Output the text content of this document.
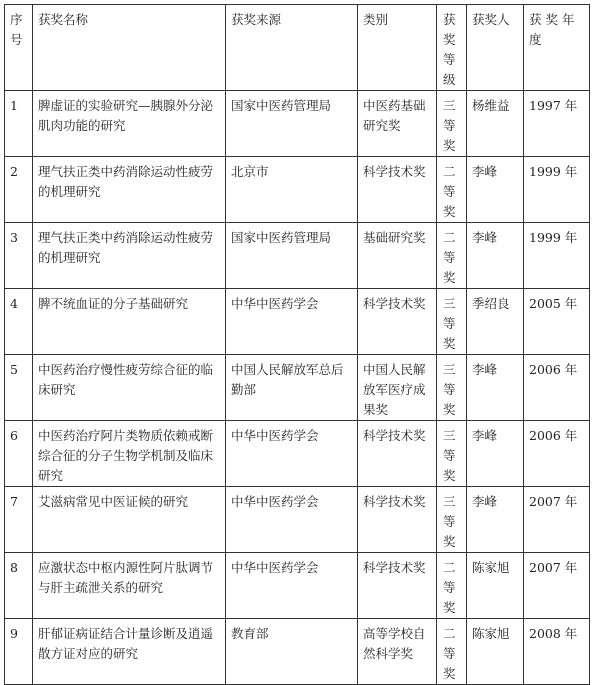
序号	获奖名称	获奖来源	类别	获奖等级	获奖人	获 奖 年度
1	脾虚证的实验研究—胰腺外分泌肌肉功能的研究	国家中医药管理局	中医药基础研究奖	三等奖	杨维益	1997 年
2	理气扶正类中药消除运动性疲劳的机理研究	北京市	科学技术奖	二等奖	李峰	1999 年
3	理气扶正类中药消除运动性疲劳的机理研究	国家中医药管理局	基础研究奖	二等奖	李峰	1999 年
4	脾不统血证的分子基础研究	中华中医药学会	科学技术奖	三等奖	季绍良	2005 年
5	中医药治疗慢性疲劳综合征的临床研究	中国人民解放军总后勤部	中国人民解放军医疗成果奖	三等奖	李峰	2006 年
6	中医药治疗阿片类物质依赖戒断综合征的分子生物学机制及临床研究	中华中医药学会	科学技术奖	三等奖	李峰	2006 年
7	艾滋病常见中医证候的研究	中华中医药学会	科学技术奖	三等奖	李峰	2007 年
8	应激状态中枢内源性阿片肽调节与肝主疏泄关系的研究	中华中医药学会	科学技术奖	二等奖	陈家旭	2007 年
9	肝郁证病证结合计量诊断及逍遥散方证对应的研究	教育部	高等学校自然科学奖	二等奖	陈家旭	2008 年
